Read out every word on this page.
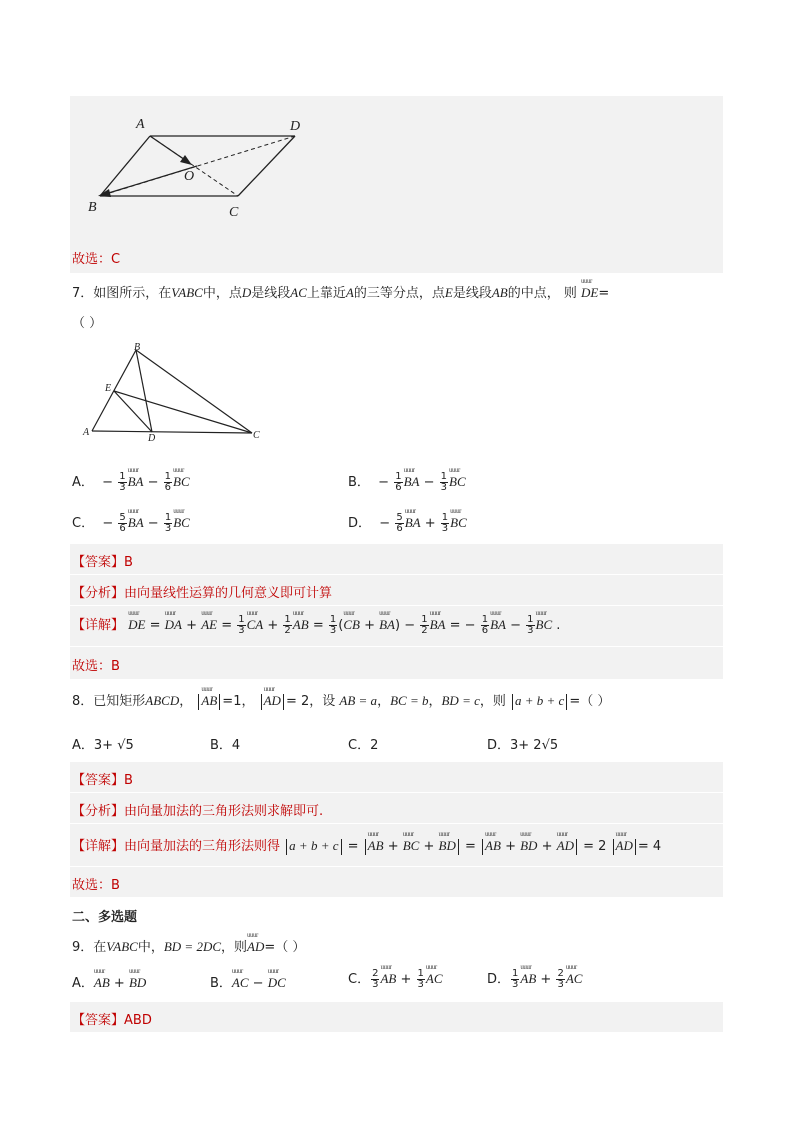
A	D
O
B	C
故选：C
7．如图所示，在VABC中，点D是线段AC上靠近A的三等分点，点E是线段AB的中点， 则 uuur DE=
（ ）
B
E
A
D	C
A．  − $\frac{1}{3}$ uuur BA − $\frac{1}{6}$ uuur BC	B．  − $\frac{1}{6}$ uuur BA − $\frac{1}{3}$ uuur BC
C．  − $\frac{5}{6}$ uuur BA − $\frac{1}{3}$ uuur BC	D．  − $\frac{5}{6}$ uuur BA + $\frac{1}{3}$ uuur BC
【答案】B
【分析】由向量线性运算的几何意义即可计算
【详解】 uuur DE = uuur DA + uuur AE = $\frac{1}{3}$ uuur CA + $\frac{1}{2}$ uuur AB = $\frac{1}{3}$ (uuur CB + uuur $BA) - \frac{1}{2}$ uuur BA = − $\frac{1}{6}$ uuur BA − $\frac{1}{3}$ uuur BC .
故选：B
8．已知矩形ABCD， uuur AB =1， uuur AD = 2，设 AB = a，BC = b，BD = c，则 a + b + c =（ ）
A．3+ √5	B．4	C．2	D．3+ 2√5
【答案】B
【分析】由向量加法的三角形法则求解即可.
【详解】由向量加法的三角形法则得 a + b + c = uuur AB + uuur BC + uuur BD = uuur AB + uuur BD + uuur AD = 2 uuur AD = 4
故选：B
二、多选题
9．在VABC中，BD = 2DC，则uuur AD=（ ）
A．uuur AB + uuur BD	B．uuur AC − uuur DC	C． $\frac{2}{3}$ uuur AB + $\frac{1}{3}$ uuur AC	D． $\frac{1}{3}$ uuur AB + $\frac{2}{3}$ uuur AC
【答案】ABD
